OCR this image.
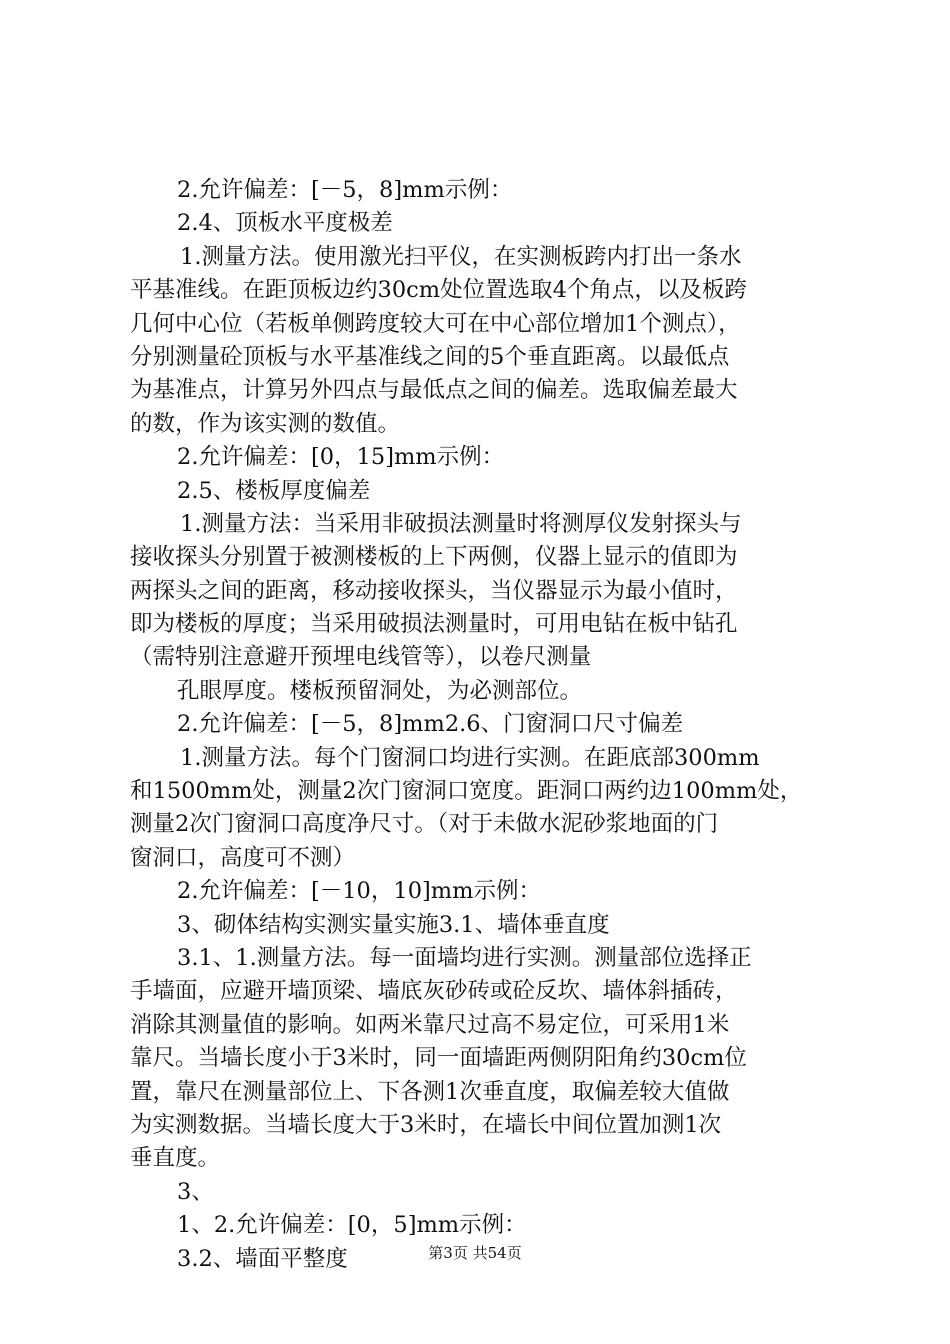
2.允许偏差：[－5，8]mm示例：
2.4、顶板水平度极差
1.测量方法。使用激光扫平仪，在实测板跨内打出一条水
平基准线。在距顶板边约30cm处位置选取4个角点，以及板跨
几何中心位（若板单侧跨度较大可在中心部位增加1个测点），
分别测量砼顶板与水平基准线之间的5个垂直距离。以最低点
为基准点，计算另外四点与最低点之间的偏差。选取偏差最大
的数，作为该实测的数值。
2.允许偏差：[0，15]mm示例：
2.5、楼板厚度偏差
1.测量方法：当采用非破损法测量时将测厚仪发射探头与
接收探头分别置于被测楼板的上下两侧，仪器上显示的值即为
两探头之间的距离，移动接收探头，当仪器显示为最小值时，
即为楼板的厚度；当采用破损法测量时，可用电钻在板中钻孔
（需特别注意避开预埋电线管等），以卷尺测量
孔眼厚度。楼板预留洞处，为必测部位。
2.允许偏差：[－5，8]mm2.6、门窗洞口尺寸偏差
1.测量方法。每个门窗洞口均进行实测。在距底部300mm
和1500mm处，测量2次门窗洞口宽度。距洞口两约边100mm处，
测量2次门窗洞口高度净尺寸。（对于未做水泥砂浆地面的门
窗洞口，高度可不测）
2.允许偏差：[－10，10]mm示例：
3、砌体结构实测实量实施3.1、墙体垂直度
3.1、1.测量方法。每一面墙均进行实测。测量部位选择正
手墙面，应避开墙顶梁、墙底灰砂砖或砼反坎、墙体斜插砖，
消除其测量值的影响。如两米靠尺过高不易定位，可采用1米
靠尺。当墙长度小于3米时，同一面墙距两侧阴阳角约30cm位
置，靠尺在测量部位上、下各测1次垂直度，取偏差较大值做
为实测数据。当墙长度大于3米时，在墙长中间位置加测1次
垂直度。
3、
1、2.允许偏差：[0，5]mm示例：
3.2、墙面平整度	第3页 共54页
